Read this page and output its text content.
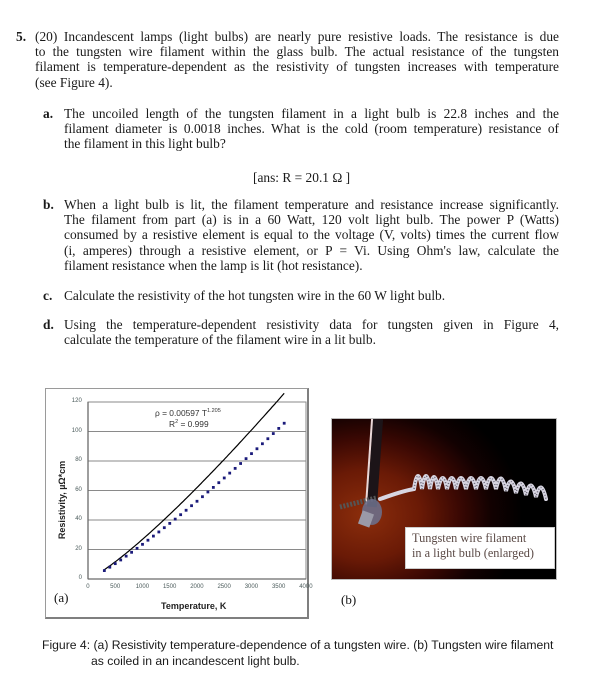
5. (20) Incandescent lamps (light bulbs) are nearly pure resistive loads. The resistance is due
to the tungsten wire filament within the glass bulb. The actual resistance of the tungsten
filament is temperature-dependent as the resistivity of tungsten increases with temperature
(see Figure 4).
a. The uncoiled length of the tungsten filament in a light bulb is 22.8 inches and the
filament diameter is 0.0018 inches. What is the cold (room temperature) resistance of
the filament in this light bulb?
[ans: R = 20.1 Ω ]
b. When a light bulb is lit, the filament temperature and resistance increase significantly.
The filament from part (a) is in a 60 Watt, 120 volt light bulb. The power P (Watts)
consumed by a resistive element is equal to the voltage (V, volts) times the current flow
(i, amperes) through a resistive element, or P = Vi. Using Ohm's law, calculate the
filament resistance when the lamp is lit (hot resistance).
c. Calculate the resistivity of the hot tungsten wire in the 60 W light bulb.
d. Using the temperature-dependent resistivity data for tungsten given in Figure 4,
calculate the temperature of the filament wire in a lit bulb.
0
20
40
60
80
100
120
0	500	1000 1500 2000 2500 3000 3500 4000
Resistivity, µΩ*cm
Temperature, K
ρ = 0.00597 $T^{1.205}$
$R^2 = 0.999$
(a)
Tungsten wire filament
in a light bulb (enlarged)
(b)
Figure 4: (a) Resistivity temperature-dependence of a tungsten wire. (b) Tungsten wire filament
as coiled in an incandescent light bulb.
